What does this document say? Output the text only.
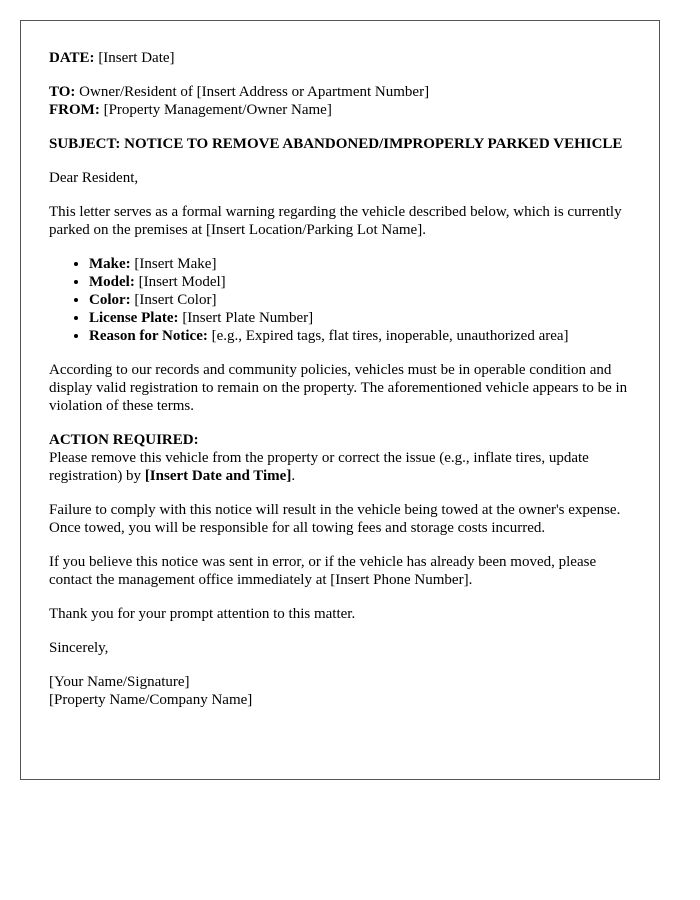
DATE: [Insert Date]

TO: Owner/Resident of [Insert Address or Apartment Number]
FROM: [Property Management/Owner Name]

SUBJECT: NOTICE TO REMOVE ABANDONED/IMPROPERLY PARKED VEHICLE

Dear Resident,

This letter serves as a formal warning regarding the vehicle described below, which is currently parked on the premises at [Insert Location/Parking Lot Name].

• Make: [Insert Make]
• Model: [Insert Model]
• Color: [Insert Color]
• License Plate: [Insert Plate Number]
• Reason for Notice: [e.g., Expired tags, flat tires, inoperable, unauthorized area]

According to our records and community policies, vehicles must be in operable condition and display valid registration to remain on the property. The aforementioned vehicle appears to be in violation of these terms.

ACTION REQUIRED:
Please remove this vehicle from the property or correct the issue (e.g., inflate tires, update registration) by [Insert Date and Time].

Failure to comply with this notice will result in the vehicle being towed at the owner's expense. Once towed, you will be responsible for all towing fees and storage costs incurred.

If you believe this notice was sent in error, or if the vehicle has already been moved, please contact the management office immediately at [Insert Phone Number].

Thank you for your prompt attention to this matter.

Sincerely,

[Your Name/Signature]
[Property Name/Company Name]
